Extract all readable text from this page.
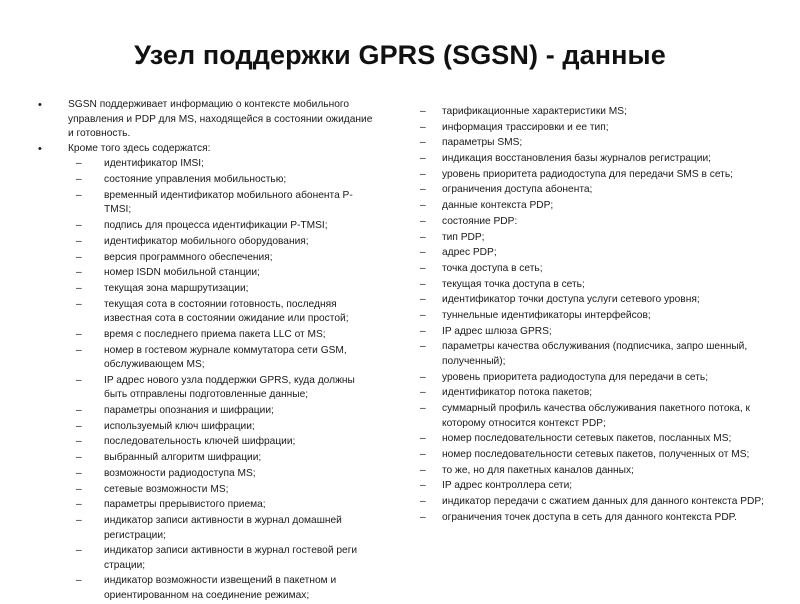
Узел поддержки GPRS (SGSN) - данные
• SGSN поддерживает информацию о контексте мобильного управления и PDP для MS, находящейся в состоянии ожидание и готовность.
• Кроме того здесь содержатся:
– идентификатор IMSI;
– состояние управления мобильностью;
– временный идентификатор мобильного абонента P-TMSI;
– подпись для процесса идентификации P-TMSI;
– идентификатор мобильного оборудования;
– версия программного обеспечения;
– номер ISDN мобильной станции;
– текущая зона маршрутизации;
– текущая сота в состоянии готовность, последняя известная сота в состоянии ожидание или простой;
– время с последнего приема пакета LLC от MS;
– номер в гостевом журнале коммутатора сети GSM, обслуживающем MS;
– IP адрес нового узла поддержки GPRS, куда должны быть отправлены подготовленные данные;
– параметры опознания и шифрации;
– используемый ключ шифрации;
– последовательность ключей шифрации;
– выбранный алгоритм шифрации;
– возможности радиодоступа MS;
– сетевые возможности MS;
– параметры прерывистого приема;
– индикатор записи активности в журнал домашней регистрации;
– индикатор записи активности в журнал гостевой реги страции;
– индикатор возможности извещений в пакетном и ориентированном на соединение режимах;
– тарификационные характеристики MS;
– информация трассировки и ее тип;
– параметры SMS;
– индикация восстановления базы журналов регистрации;
– уровень приоритета радиодоступа для передачи SMS в сеть;
– ограничения доступа абонента;
– данные контекста PDP;
– состояние PDP:
– тип PDP;
– адрес PDP;
– точка доступа в сеть;
– текущая точка доступа в сеть;
– идентификатор точки доступа услуги сетевого уровня;
– туннельные идентификаторы интерфейсов;
– IP адрес шлюза GPRS;
– параметры качества обслуживания (подписчика, запро шенный, полученный);
– уровень приоритета радиодоступа для передачи в сеть;
– идентификатор потока пакетов;
– суммарный профиль качества обслуживания пакетного потока, к которому относится контекст PDP;
– номер последовательности сетевых пакетов, посланных MS;
– номер последовательности сетевых пакетов, полученных от MS;
– то же, но для пакетных каналов данных;
– IP адрес контроллера сети;
– индикатор передачи с сжатием данных для данного контекста PDP;
– ограничения точек доступа в сеть для данного контекста PDP.
